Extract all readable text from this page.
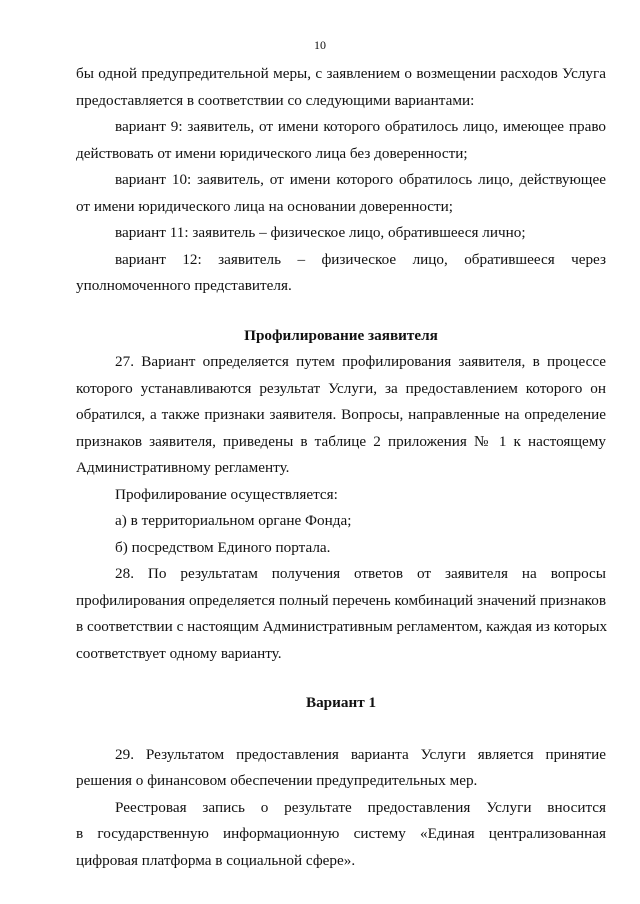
10
бы одной предупредительной меры, с заявлением о возмещении расходов Услуга
предоставляется в соответствии со следующими вариантами:
вариант 9: заявитель, от имени которого обратилось лицо, имеющее право
действовать от имени юридического лица без доверенности;
вариант 10: заявитель, от имени которого обратилось лицо, действующее
от имени юридического лица на основании доверенности;
вариант 11: заявитель – физическое лицо, обратившееся лично;
вариант 12: заявитель – физическое лицо, обратившееся через
уполномоченного представителя.
Профилирование заявителя
27. Вариант определяется путем профилирования заявителя, в процессе
которого устанавливаются результат Услуги, за предоставлением которого он
обратился, а также признаки заявителя. Вопросы, направленные на определение
признаков заявителя, приведены в таблице 2 приложения № 1 к настоящему
Административному регламенту.
Профилирование осуществляется:
а) в территориальном органе Фонда;
б) посредством Единого портала.
28. По результатам получения ответов от заявителя на вопросы
профилирования определяется полный перечень комбинаций значений признаков
в соответствии с настоящим Административным регламентом, каждая из которых
соответствует одному варианту.
Вариант 1
29. Результатом предоставления варианта Услуги является принятие
решения о финансовом обеспечении предупредительных мер.
Реестровая запись о результате предоставления Услуги вносится
в государственную информационную систему «Единая централизованная
цифровая платформа в социальной сфере».
